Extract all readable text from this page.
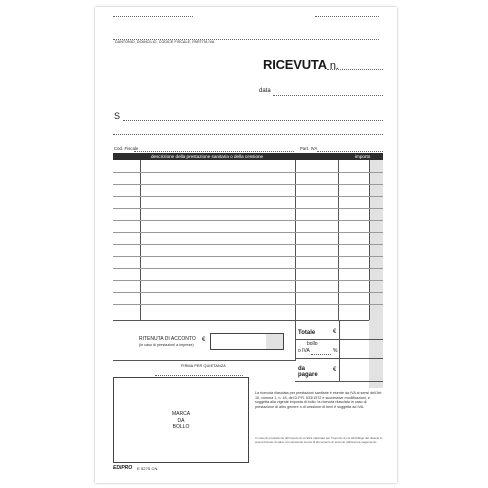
DANTONIO, DOMICILIO, CODICE FISCALE, PARTITA IVA
RICEVUTA n.
data
S
Cod. Fiscale	Part. IVA
descrizione della prestazione sanitaria o della cessione	importo
RITENUTA DI ACCONTO
(in caso di prestazioni a imprese)
€
Totale	€
bollo
o IVA	%
da
pagare
€
FIRMA PER QUIETANZA
MARCA
DA
BOLLO
La ricevuta rilasciata per prestazioni sanitarie è esente da IVA ai sensi dell'Art. 10, comma 1, n. 18, del D.P.R. 633/1972 e successive modificazioni, e soggetta alla vigente imposta di bollo; la ricevuta rilasciata in caso di prestazione di altro genere o di cessione di beni è soggetta ad IVA.
In caso di prestazione all'importo di un'altra rilasciata per l'importo di cui all'obbligo del rilascio in proporzionato di salvo comunicando senza di documento di acconto dall'ancora pagamento.
EDIPRO E 5275 CN
